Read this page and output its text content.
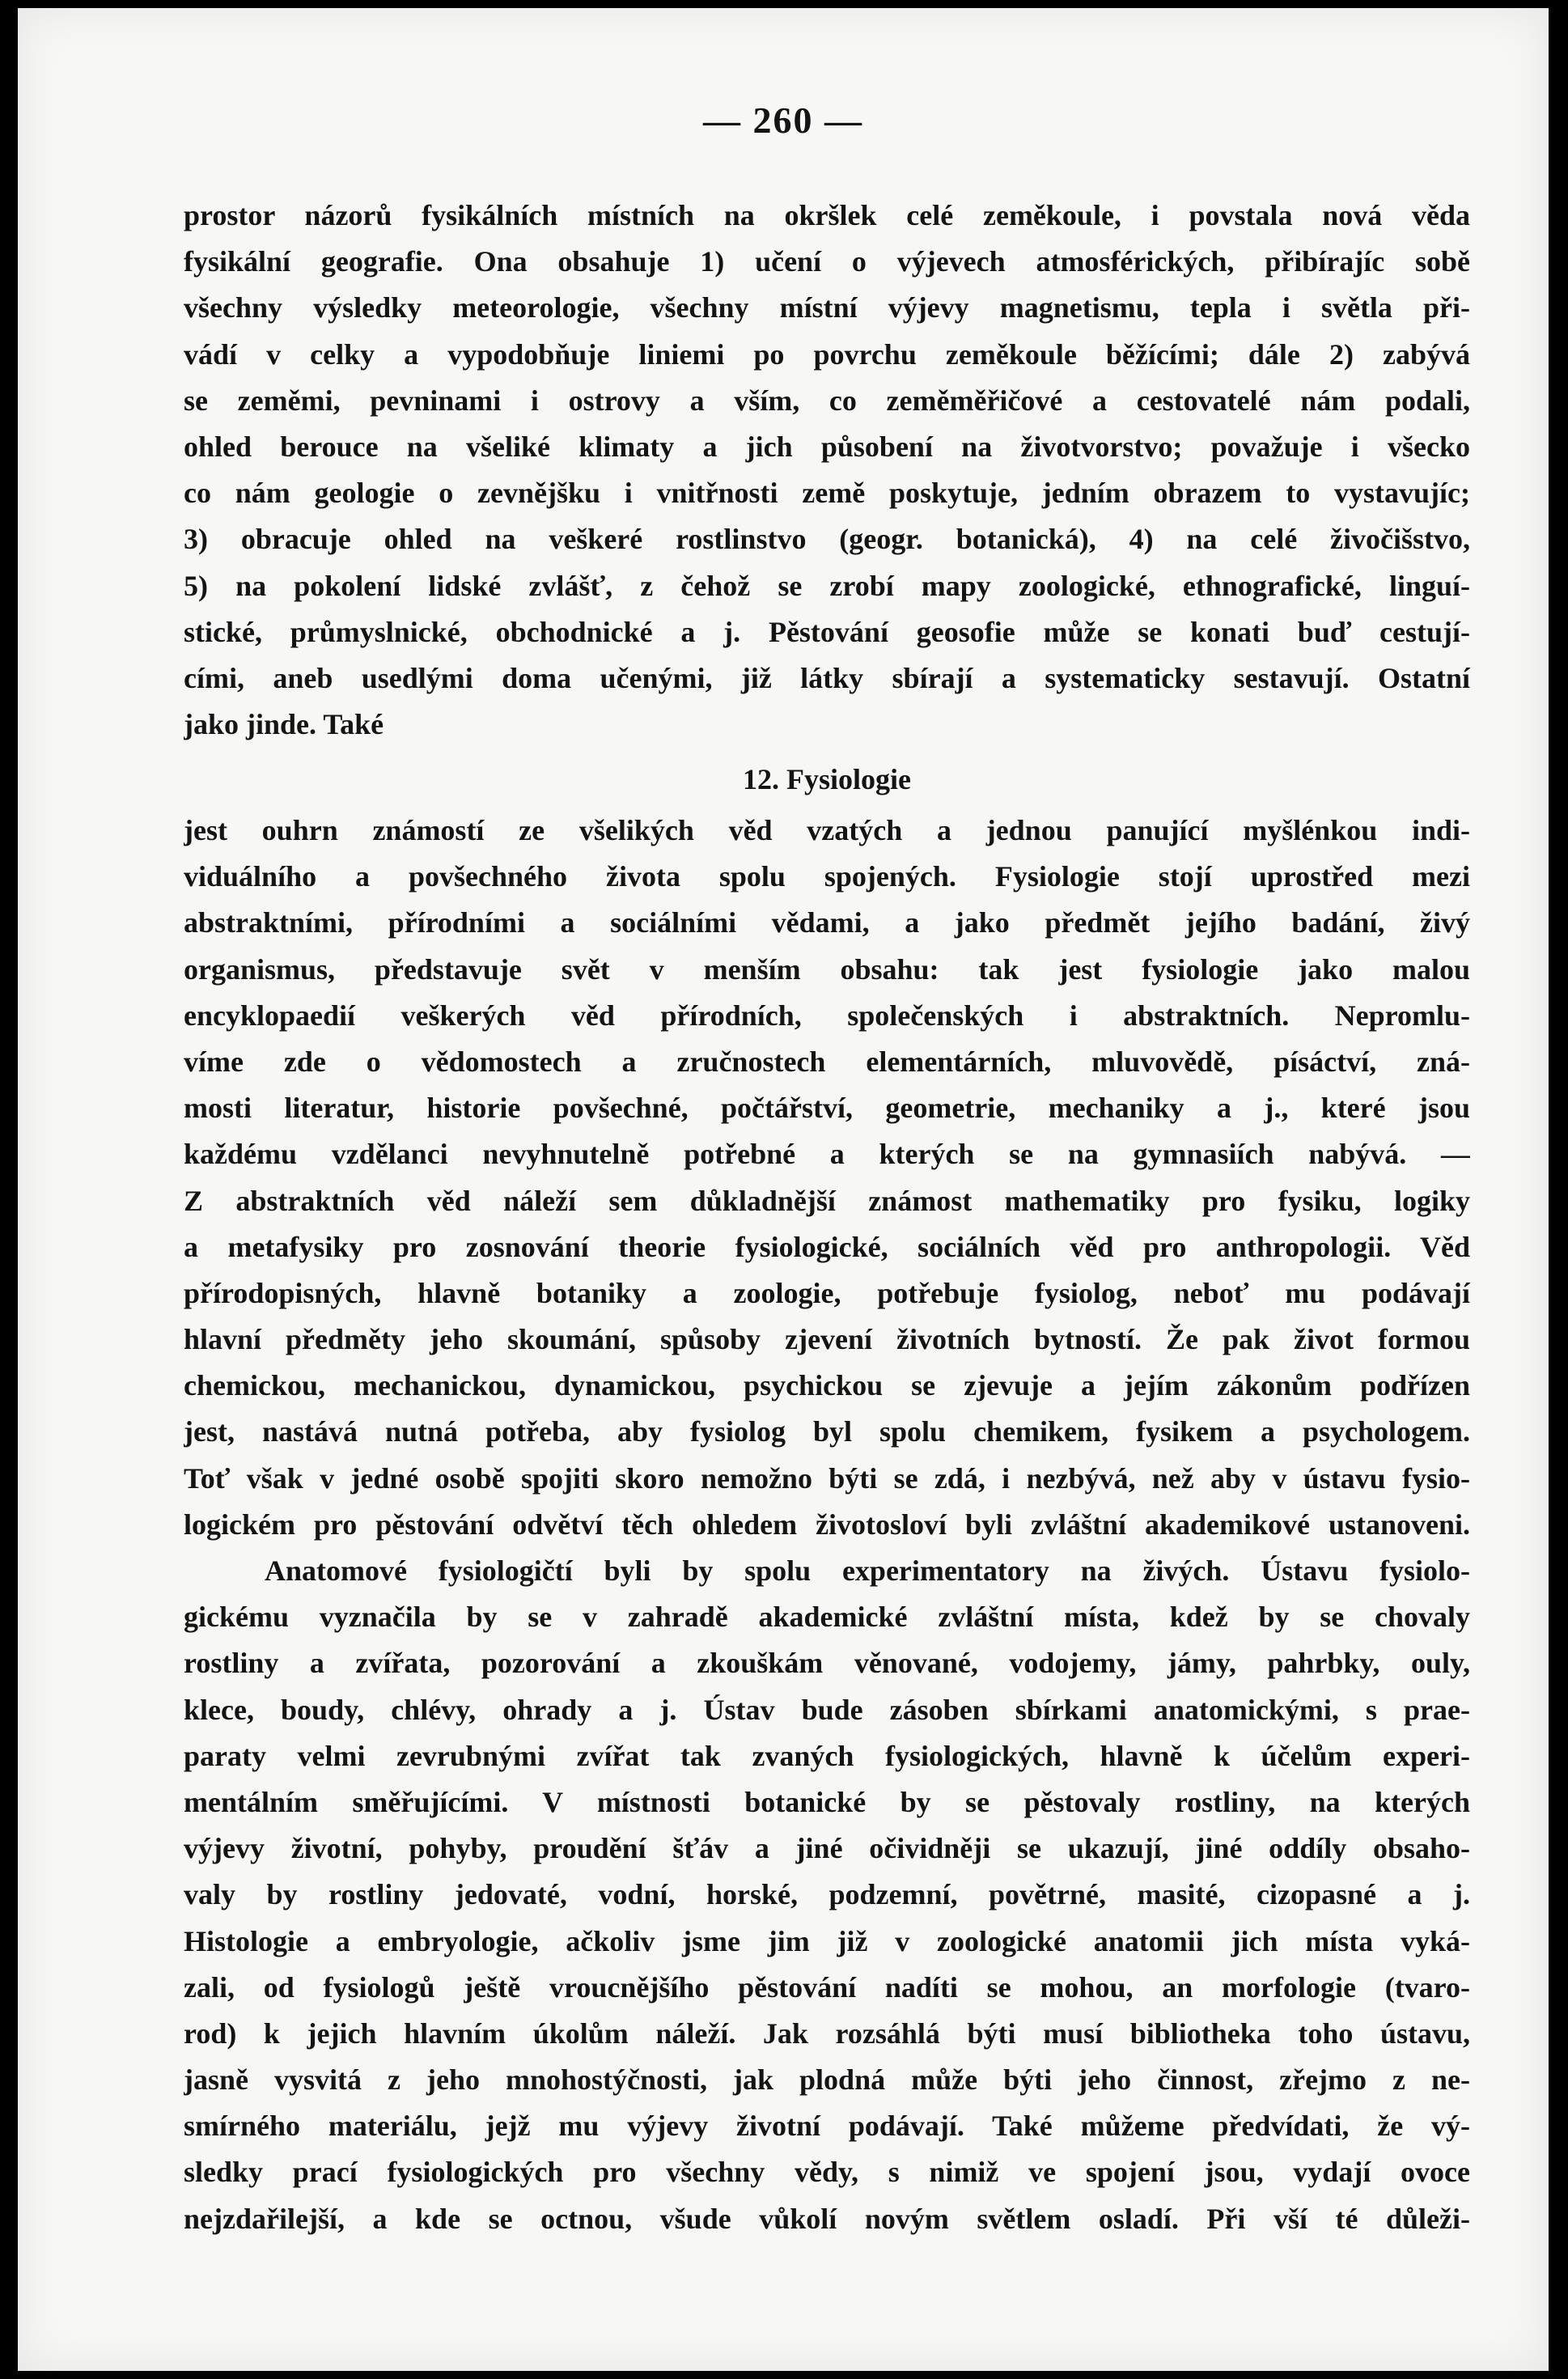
— 260 —
prostor názorů fysikálních místních na okršlek celé zeměkoule, i povstala nová věda
fysikální geografie. Ona obsahuje 1) učení o výjevech atmosférických, přibírajíc sobě
všechny výsledky meteorologie, všechny místní výjevy magnetismu, tepla i světla při-
vádí v celky a vypodobňuje liniemi po povrchu zeměkoule běžícími; dále 2) zabývá
se zeměmi, pevninami i ostrovy a vším, co zeměměřičové a cestovatelé nám podali,
ohled berouce na všeliké klimaty a jich působení na životvorstvo; považuje i všecko
co nám geologie o zevnějšku i vnitřnosti země poskytuje, jedním obrazem to vystavujíc;
3) obracuje ohled na veškeré rostlinstvo (geogr. botanická), 4) na celé živočišstvo,
5) na pokolení lidské zvlášť, z čehož se zrobí mapy zoologické, ethnografické, linguí-
stické, průmyslnické, obchodnické a j. Pěstování geosofie může se konati buď cestují-
cími, aneb usedlými doma učenými, již látky sbírají a systematicky sestavují. Ostatní
jako jinde. Také
12. Fysiologie
jest ouhrn známostí ze všelikých věd vzatých a jednou panující myšlénkou indi-
viduálního a povšechného života spolu spojených. Fysiologie stojí uprostřed mezi
abstraktními, přírodními a sociálními vědami, a jako předmět jejího badání, živý
organismus, představuje svět v menším obsahu: tak jest fysiologie jako malou
encyklopaedií veškerých věd přírodních, společenských i abstraktních. Nepromlu-
víme zde o vědomostech a zručnostech elementárních, mluvovědě, písáctví, zná-
mosti literatur, historie povšechné, počtářství, geometrie, mechaniky a j., které jsou
každému vzdělanci nevyhnutelně potřebné a kterých se na gymnasiích nabývá. —
Z abstraktních věd náleží sem důkladnější známost mathematiky pro fysiku, logiky
a metafysiky pro zosnování theorie fysiologické, sociálních věd pro anthropologii. Věd
přírodopisných, hlavně botaniky a zoologie, potřebuje fysiolog, neboť mu podávají
hlavní předměty jeho skoumání, spůsoby zjevení životních bytností. Že pak život formou
chemickou, mechanickou, dynamickou, psychickou se zjevuje a jejím zákonům podřízen
jest, nastává nutná potřeba, aby fysiolog byl spolu chemikem, fysikem a psychologem.
Toť však v jedné osobě spojiti skoro nemožno býti se zdá, i nezbývá, než aby v ústavu fysio-
logickém pro pěstování odvětví těch ohledem životosloví byli zvláštní akademikové ustanoveni.
Anatomové fysiologičtí byli by spolu experimentatory na živých. Ústavu fysiolo-
gickému vyznačila by se v zahradě akademické zvláštní místa, kdež by se chovaly
rostliny a zvířata, pozorování a zkouškám věnované, vodojemy, jámy, pahrbky, ouly,
klece, boudy, chlévy, ohrady a j. Ústav bude zásoben sbírkami anatomickými, s prae-
paraty velmi zevrubnými zvířat tak zvaných fysiologických, hlavně k účelům experi-
mentálním směřujícími. V místnosti botanické by se pěstovaly rostliny, na kterých
výjevy životní, pohyby, proudění šťáv a jiné očividněji se ukazují, jiné oddíly obsaho-
valy by rostliny jedovaté, vodní, horské, podzemní, povětrné, masité, cizopasné a j.
Histologie a embryologie, ačkoliv jsme jim již v zoologické anatomii jich místa vyká-
zali, od fysiologů ještě vroucnějšího pěstování nadíti se mohou, an morfologie (tvaro-
rod) k jejich hlavním úkolům náleží. Jak rozsáhlá býti musí bibliotheka toho ústavu,
jasně vysvitá z jeho mnohostýčnosti, jak plodná může býti jeho činnost, zřejmo z ne-
smírného materiálu, jejž mu výjevy životní podávají. Také můžeme předvídati, že vý-
sledky prací fysiologických pro všechny vědy, s nimiž ve spojení jsou, vydají ovoce
nejzdařilejší, a kde se octnou, všude vůkolí novým světlem osladí. Při vší té důleži-
